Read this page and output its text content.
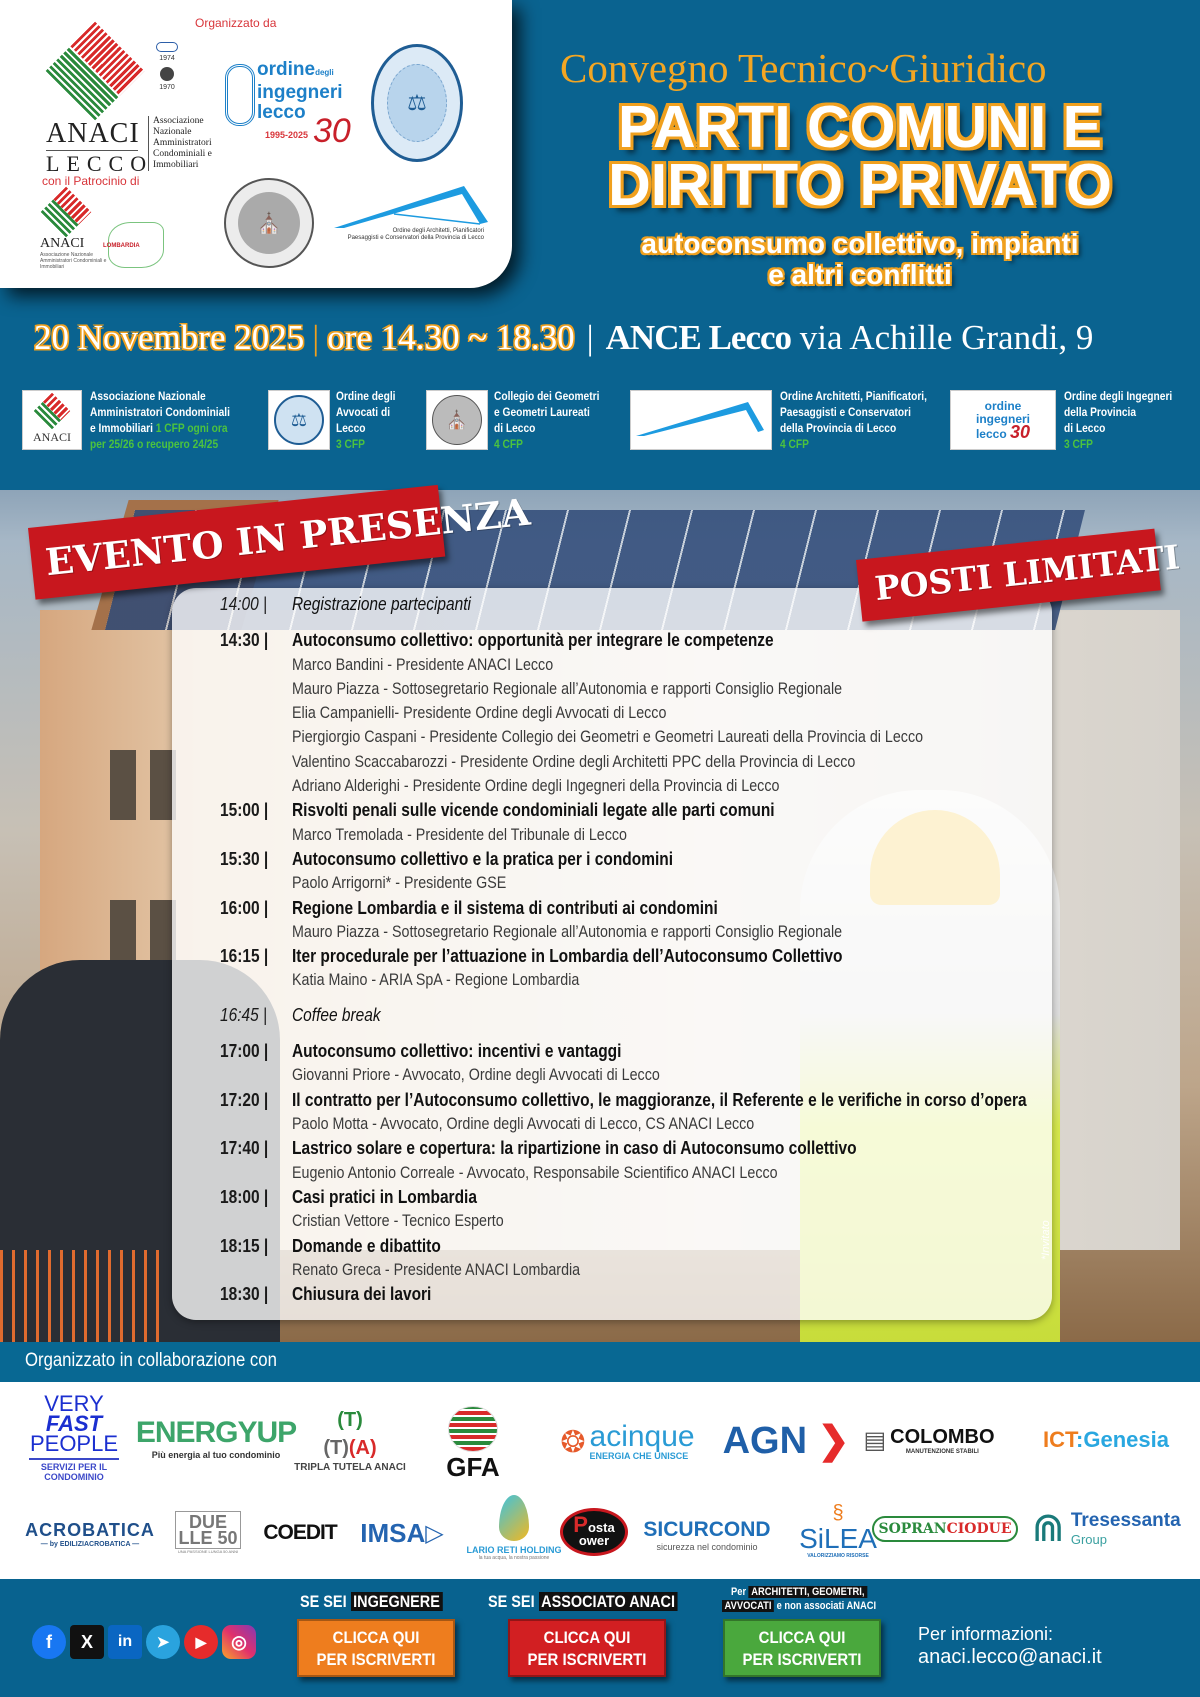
Organizzato da
ANACI
LECCO
1974
1970
Associazione
Nazionale
Amministratori
Condominiali e
Immobiliari
ordinedegli
ingegneri
lecco
1995-2025 30
⚖
⛪	Ordine degli Architetti, Pianificatori
Paesaggisti e Conservatori della Provincia di Lecco
con il Patrocinio di
ANACI
Associazione Nazionale Amministratori Condominiali e Immobiliari
LOMBARDIA
Convegno Tecnico~Giuridico
PARTI COMUNI E
DIRITTO PRIVATO
autoconsumo collettivo, impianti
e altri conflitti
20 Novembre 2025 | ore 14.30 ~ 18.30 | ANCE Lecco via Achille Grandi, 9
ANACI
Associazione Nazionale
Amministratori Condominiali
e Immobiliari 1 CFP ogni ora
per 25/26 o recupero 24/25
⚖
Ordine degli
Avvocati di
Lecco
3 CFP
⛪
Collegio dei Geometri
e Geometri Laureati
di Lecco
4 CFP
Ordine Architetti, Pianificatori,
Paesaggisti e Conservatori
della Provincia di Lecco
4 CFP
ordine
ingegneri
lecco 30
Ordine degli Ingegneri
della Provincia
di Lecco
3 CFP
14:00 | Registrazione partecipanti
14:30 | Autoconsumo collettivo: opportunità per integrare le competenze
Marco Bandini - Presidente ANACI Lecco
Mauro Piazza - Sottosegretario Regionale all’Autonomia e rapporti Consiglio Regionale
Elia Campanielli- Presidente Ordine degli Avvocati di Lecco
Piergiorgio Caspani - Presidente Collegio dei Geometri e Geometri Laureati della Provincia di Lecco
Valentino Scaccabarozzi - Presidente Ordine degli Architetti PPC della Provincia di Lecco
Adriano Alderighi - Presidente Ordine degli Ingegneri della Provincia di Lecco
15:00 | Risvolti penali sulle vicende condominiali legate alle parti comuni
Marco Tremolada - Presidente del Tribunale di Lecco
15:30 | Autoconsumo collettivo e la pratica per i condomini
Paolo Arrigorni* - Presidente GSE
16:00 | Regione Lombardia e il sistema di contributi ai condomini
Mauro Piazza - Sottosegretario Regionale all’Autonomia e rapporti Consiglio Regionale
16:15 | Iter procedurale per l’attuazione in Lombardia dell’Autoconsumo Collettivo
Katia Maino - ARIA SpA - Regione Lombardia
16:45 | Coffee break
17:00 | Autoconsumo collettivo: incentivi e vantaggi
Giovanni Priore - Avvocato, Ordine degli Avvocati di Lecco
17:20 | Il contratto per l’Autoconsumo collettivo, le maggioranze, il Referente e le verifiche in corso d’opera
Paolo Motta - Avvocato, Ordine degli Avvocati di Lecco, CS ANACI Lecco
17:40 | Lastrico solare e copertura: la ripartizione in caso di Autoconsumo collettivo
Eugenio Antonio Correale - Avvocato, Responsabile Scientifico ANACI Lecco
18:00 | Casi pratici in Lombardia
Cristian Vettore - Tecnico Esperto
18:15 | Domande e dibattito
Renato Greca - Presidente ANACI Lombardia
18:30 | Chiusura dei lavori
EVENTO IN PRESENZA	POSTI LIMITATI
*Invitato
Organizzato in collaborazione con
VERY
FAST
PEOPLE
SERVIZI PER IL CONDOMINIO
ENERGYUP
Più energia al tuo condominio
(T)
(T)(A)
TRIPLA TUTELA ANACI GFA
❂ acinque
ENERGIA CHE UNISCE AGN ❯ ▤ COLOMBO
MANUTENZIONE STABILI	ICT:Genesia
ACROBATICA
— by EDILIZIACROBATICA —
DUE
LLE 50
UNA PASSIONE LUNGA 50 ANNI
COEDIT IMSA ▷
LARIO RETI HOLDING
la tua acqua, la nostra passione
Posta
ower SICURCOND
sicurezza nel condominio
§
SiLEA
VALORIZZIAMO RISORSE
SOPRANCIODUE ⋒ Tresessanta
Group
f	X	in	➤	▶	◎
SE SEI INGEGNERE
CLICCA QUI
PER ISCRIVERTI
SE SEI ASSOCIATO ANACI
CLICCA QUI
PER ISCRIVERTI
Per ARCHITETTI, GEOMETRI,
AVVOCATI e non associati ANACI
CLICCA QUI
PER ISCRIVERTI
Per informazioni:
anaci.lecco@anaci.it
